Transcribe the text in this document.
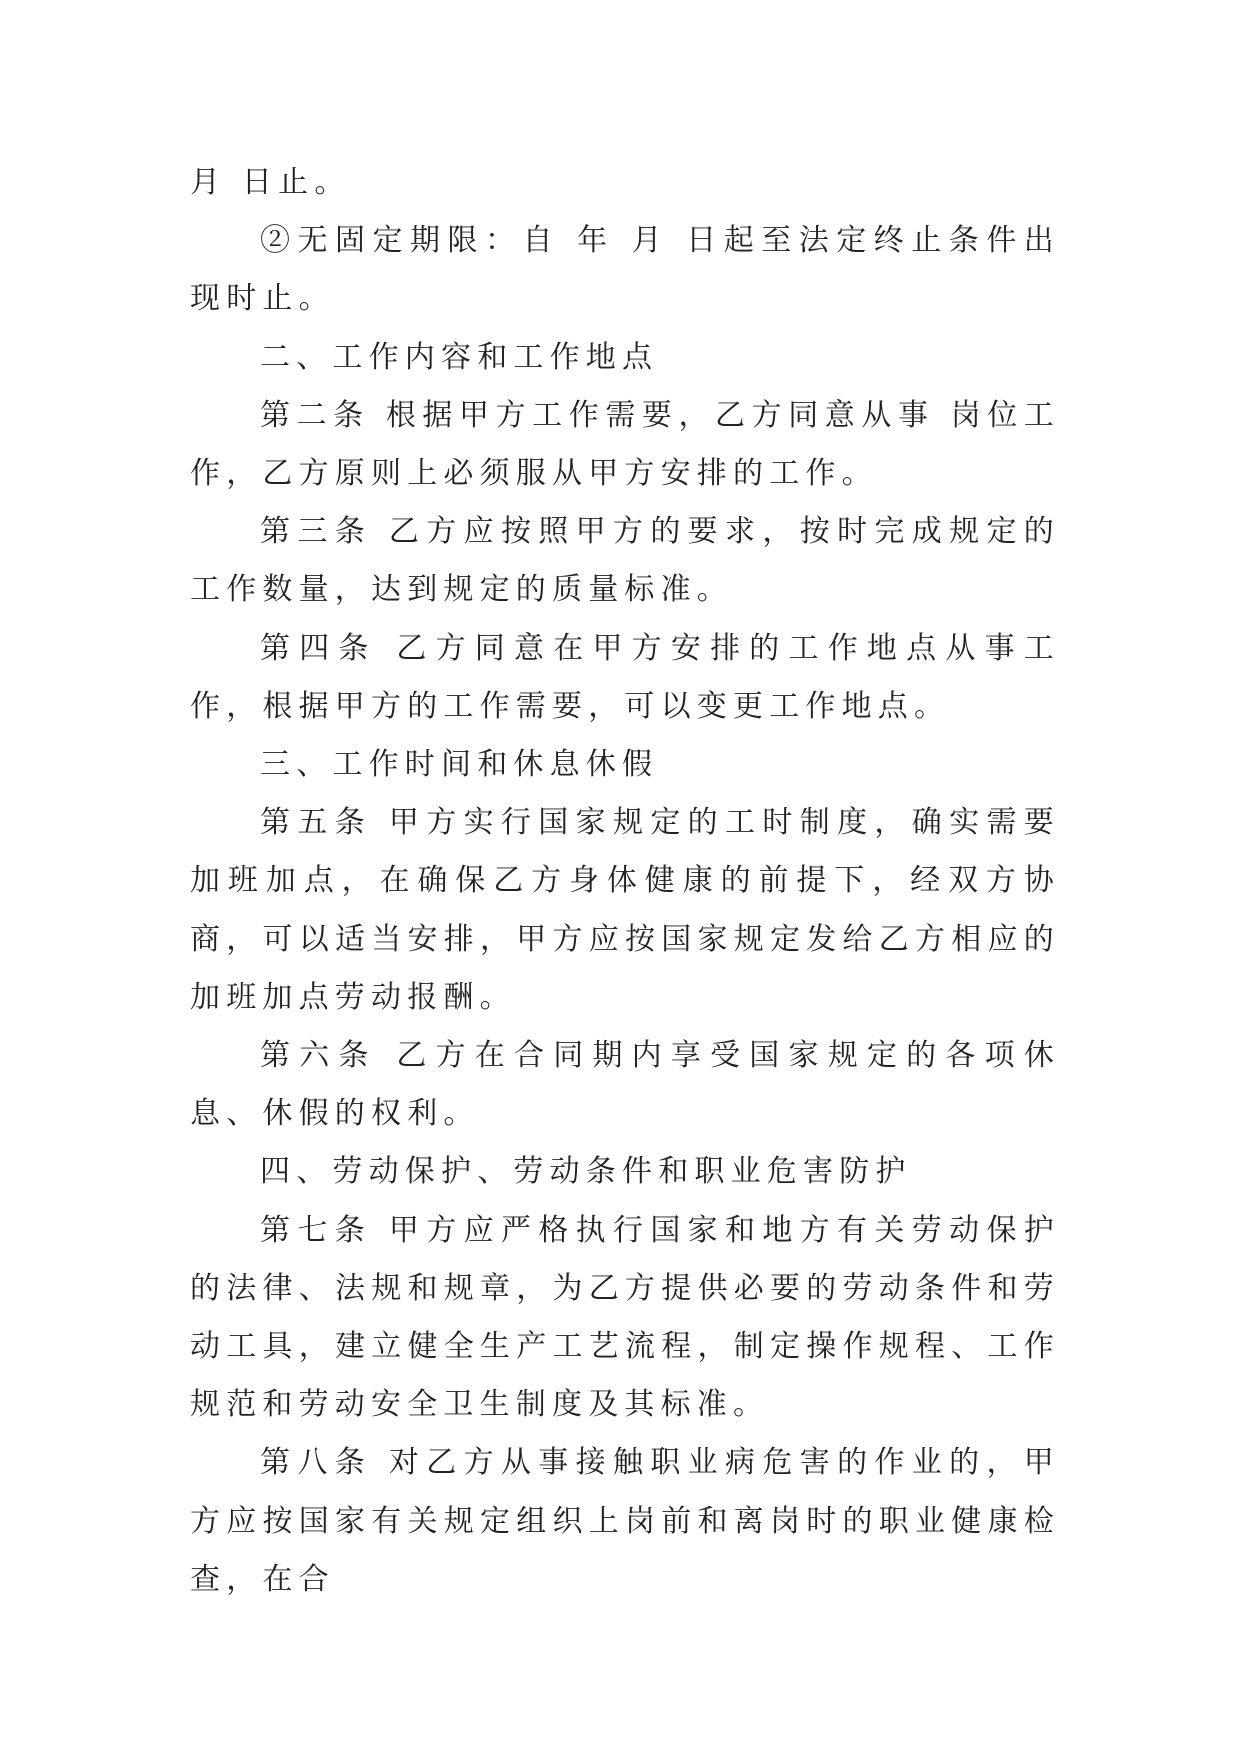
月 日止。

②无固定期限：自 年 月 日起至法定终止条件出现时止。

二、工作内容和工作地点

第二条 根据甲方工作需要，乙方同意从事 岗位工作，乙方原则上必须服从甲方安排的工作。

第三条 乙方应按照甲方的要求，按时完成规定的工作数量，达到规定的质量标准。

第四条 乙方同意在甲方安排的工作地点从事工作，根据甲方的工作需要，可以变更工作地点。

三、工作时间和休息休假

第五条 甲方实行国家规定的工时制度，确实需要加班加点，在确保乙方身体健康的前提下，经双方协商，可以适当安排，甲方应按国家规定发给乙方相应的加班加点劳动报酬。

第六条 乙方在合同期内享受国家规定的各项休息、休假的权利。

四、劳动保护、劳动条件和职业危害防护

第七条 甲方应严格执行国家和地方有关劳动保护的法律、法规和规章，为乙方提供必要的劳动条件和劳动工具，建立健全生产工艺流程，制定操作规程、工作规范和劳动安全卫生制度及其标准。

第八条 对乙方从事接触职业病危害的作业的，甲方应按国家有关规定组织上岗前和离岗时的职业健康检查，在合
